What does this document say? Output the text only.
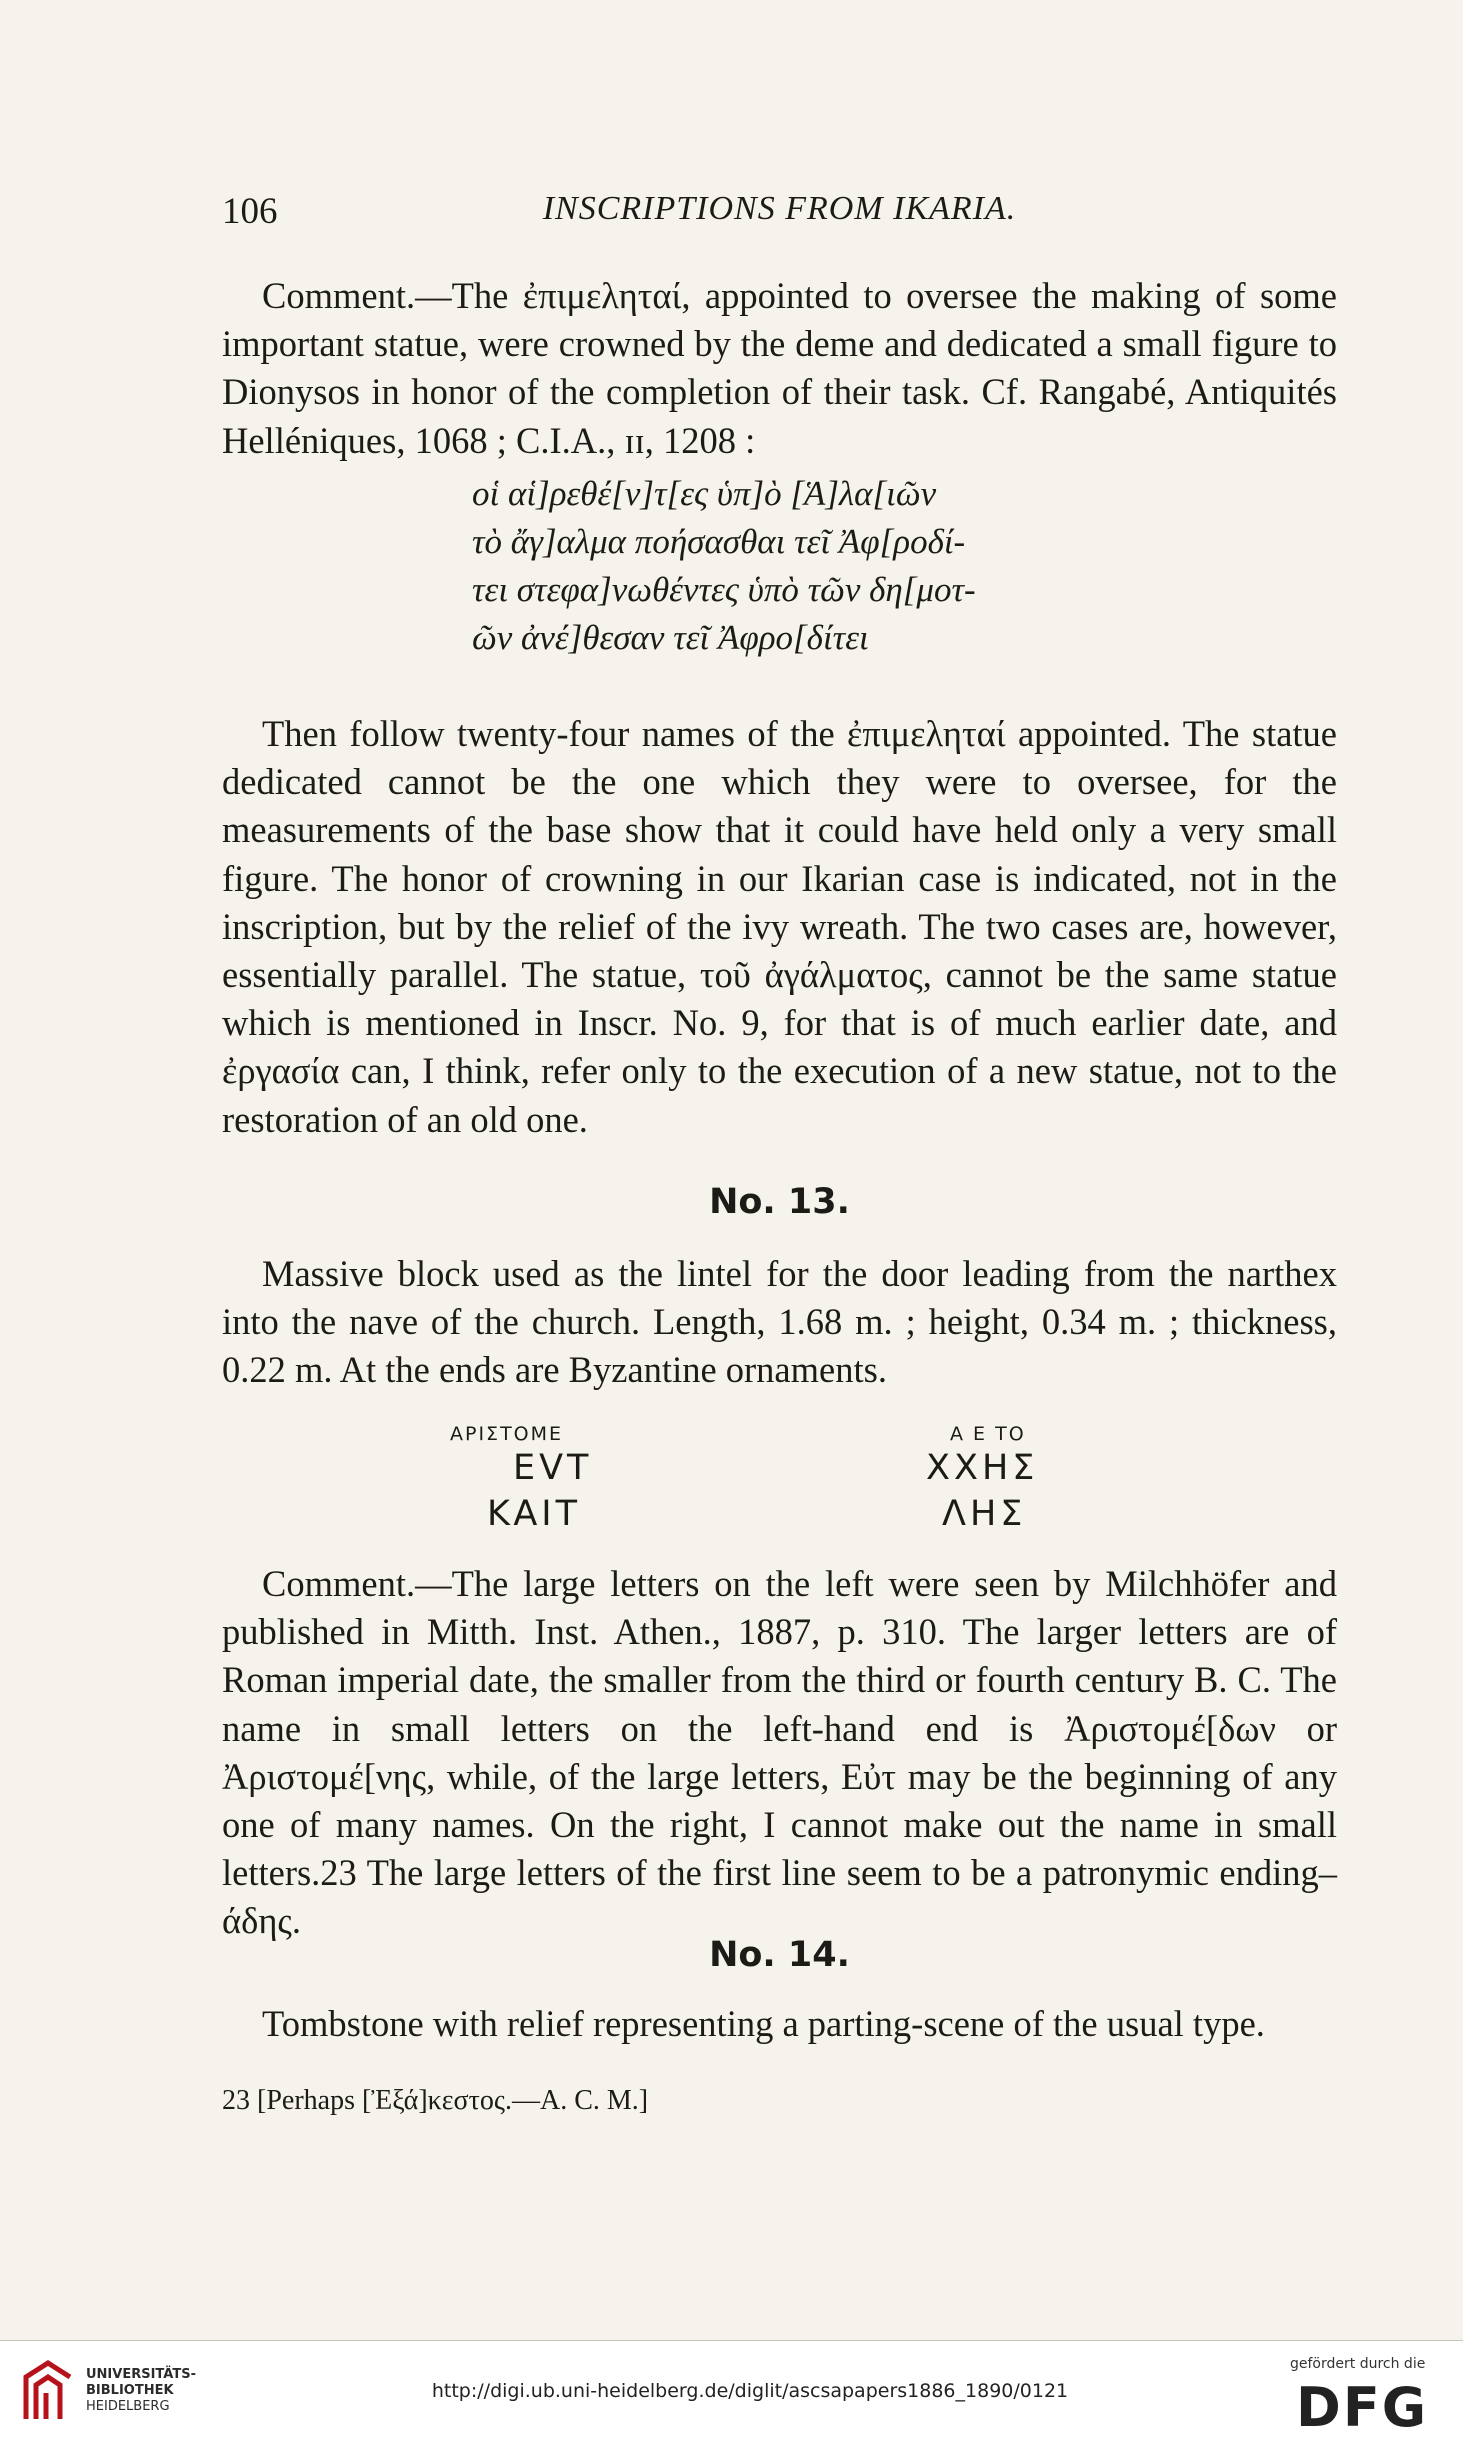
106	INSCRIPTIONS FROM IKARIA.

Comment.—The ἐπιμεληταί, appointed to oversee the making of some important statue, were crowned by the deme and dedicated a small figure to Dionysos in honor of the completion of their task. Cf. Rangabé, Antiquités Helléniques, 1068 ; C.I.A., ɪɪ, 1208 :

οἱ αἱ]ρεθέ[ν]τ[ες ὑπ]ὸ [Ἁ]λα[ιῶν
τὸ ἄγ]αλμα ποήσασθαι τεῖ Ἀφ[ροδί-
τει στεφα]νωθέντες ὑπὸ τῶν δη[μοτ-
ῶν ἀνέ]θεσαν τεῖ Ἀφρο[δίτει

Then follow twenty-four names of the ἐπιμεληταί appointed. The statue dedicated cannot be the one which they were to oversee, for the measurements of the base show that it could have held only a very small figure. The honor of crowning in our Ikarian case is indicated, not in the inscription, but by the relief of the ivy wreath. The two cases are, however, essentially parallel. The statue, τοῦ ἀγάλματος, cannot be the same statue which is mentioned in Inscr. No. 9, for that is of much earlier date, and ἐργασία can, I think, refer only to the execution of a new statue, not to the restoration of an old one.

No. 13.

Massive block used as the lintel for the door leading from the narthex into the nave of the church. Length, 1.68 m. ; height, 0.34 m. ; thickness, 0.22 m. At the ends are Byzantine ornaments.

ΑΡΙΣΤΟΜΕ
EVT
KAIT
Α Ε ΤΟ
ΧΧΗΣ
ΛΗΣ

Comment.—The large letters on the left were seen by Milchhöfer and published in Mitth. Inst. Athen., 1887, p. 310. The larger letters are of Roman imperial date, the smaller from the third or fourth century B. C. The name in small letters on the left-hand end is Ἀριστομέ[δων or Ἀριστομέ[νης, while, of the large letters, Εὐτ may be the beginning of any one of many names. On the right, I cannot make out the name in small letters.23 The large letters of the first line seem to be a patronymic ending–άδης.

No. 14.

Tombstone with relief representing a parting-scene of the usual type.

23 [Perhaps [Ἐξά]κεστος.—A. C. M.]
UNIVERSITÄTS-
BIBLIOTHEK
HEIDELBERG
http://digi.ub.uni-heidelberg.de/diglit/ascsapapers1886_1890/0121
gefördert durch die
DFG
